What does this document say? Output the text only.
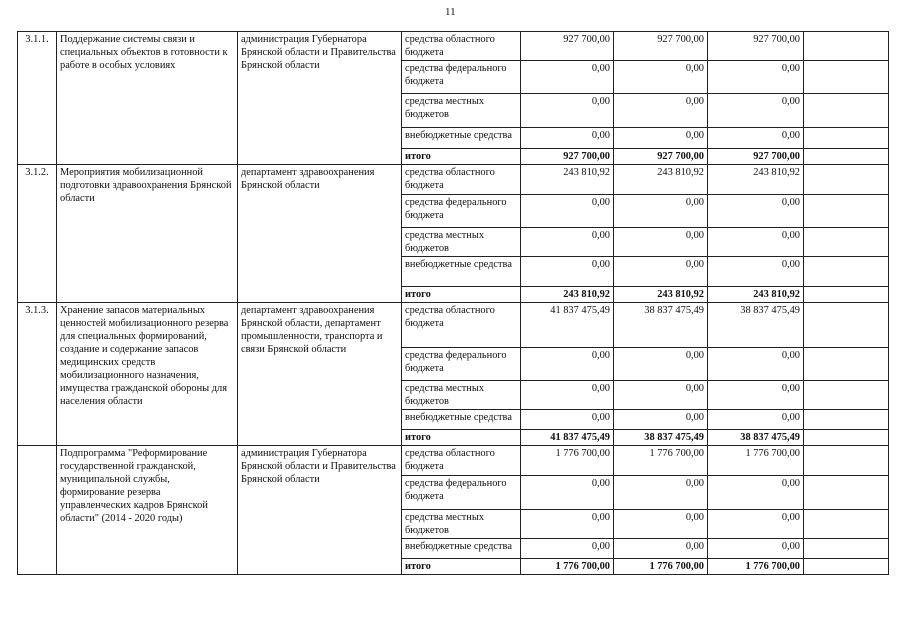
11
3.1.1.	Поддержание системы связи и специальных объектов в готовности к работе в особых условиях	администрация Губернатора Брянской области и Правительства Брянской области	средства областного бюджета	927 700,00	927 700,00	927 700,00	
			средства федерального бюджета	0,00	0,00	0,00	
			средства местных бюджетов	0,00	0,00	0,00	
			внебюджетные средства	0,00	0,00	0,00	
			итого	927 700,00	927 700,00	927 700,00	
3.1.2.	Мероприятия мобилизационной подготовки здравоохранения Брянской области	департамент здравоохранения Брянской области	средства областного бюджета	243 810,92	243 810,92	243 810,92	
			средства федерального бюджета	0,00	0,00	0,00	
			средства местных бюджетов	0,00	0,00	0,00	
			внебюджетные средства	0,00	0,00	0,00	
			итого	243 810,92	243 810,92	243 810,92	
3.1.3.	Хранение запасов материальных ценностей мобилизационного резерва для специальных формирований, создание и содержание запасов медицинских средств мобилизационного назначения, имущества гражданской обороны для населения области	департамент здравоохранения Брянской области, департамент промышленности, транспорта и связи Брянской области	средства областного бюджета	41 837 475,49	38 837 475,49	38 837 475,49	
			средства федерального бюджета	0,00	0,00	0,00	
			средства местных бюджетов	0,00	0,00	0,00	
			внебюджетные средства	0,00	0,00	0,00	
			итого	41 837 475,49	38 837 475,49	38 837 475,49	
	Подпрограмма "Реформирование государственной гражданской, муниципальной службы, формирование резерва управленческих кадров Брянской области" (2014 - 2020 годы)	администрация Губернатора Брянской области и Правительства Брянской области	средства областного бюджета	1 776 700,00	1 776 700,00	1 776 700,00	
			средства федерального бюджета	0,00	0,00	0,00	
			средства местных бюджетов	0,00	0,00	0,00	
			внебюджетные средства	0,00	0,00	0,00	
			итого	1 776 700,00	1 776 700,00	1 776 700,00	
